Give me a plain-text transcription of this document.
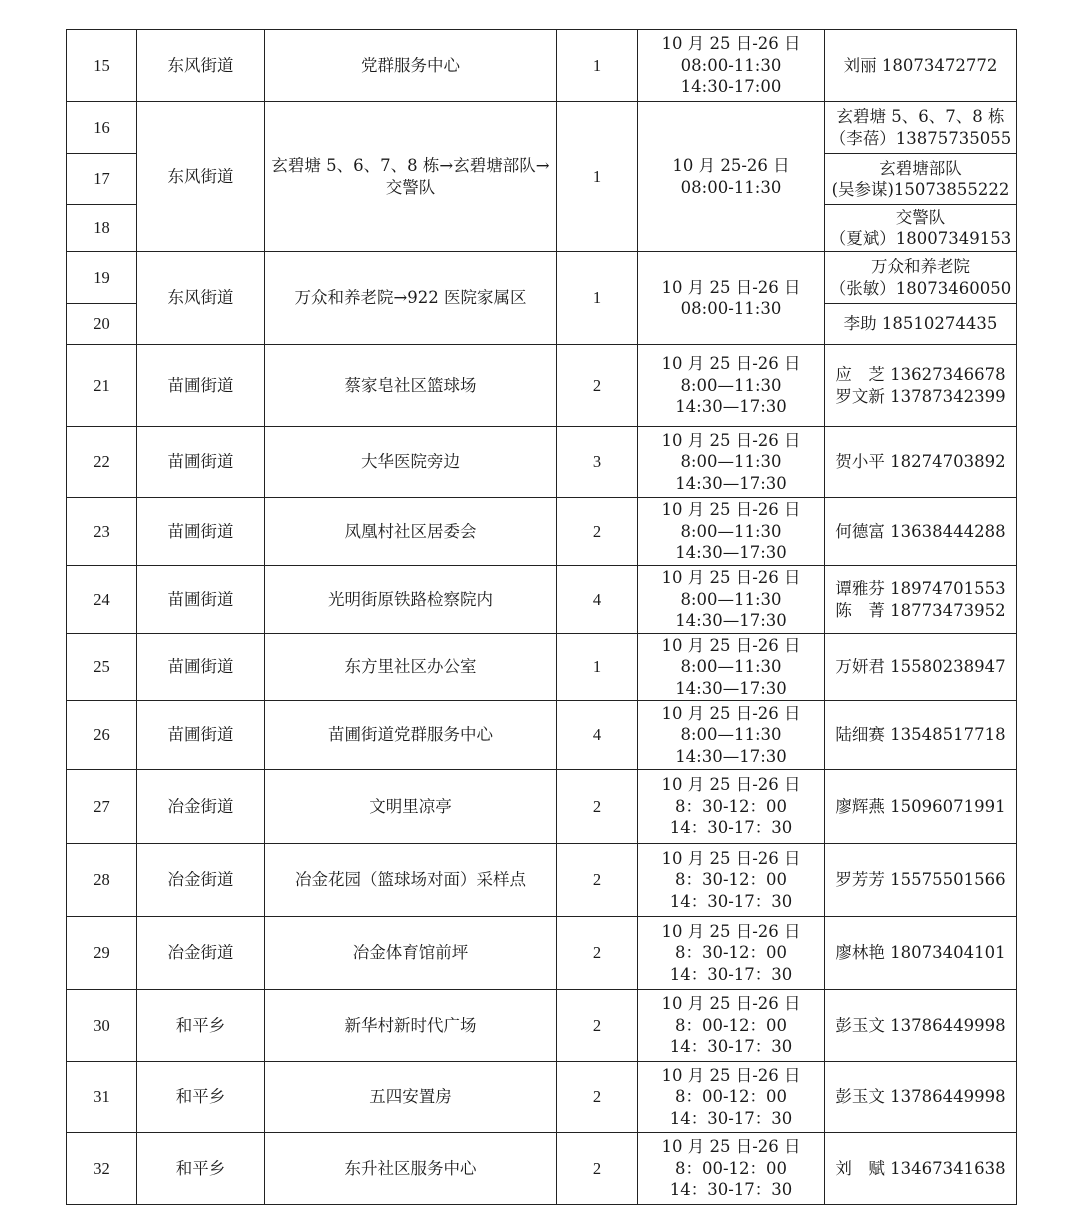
15	东风街道	党群服务中心	1	10 月 25 日-26 日
08:00-11:30
14:30-17:00	刘丽 18073472772

16	东风街道	玄碧塘 5、6、7、8 栋→玄碧塘部队→交警队	1	10 月 25-26 日
08:00-11:30	玄碧塘 5、6、7、8 栋
（李蓓）13875735055

17					玄碧塘部队
(吴参谋)15073855222

18					交警队
（夏斌）18007349153

19	东风街道	万众和养老院→922 医院家属区	1	10 月 25 日-26 日
08:00-11:30	万众和养老院
（张敏）18073460050

20					李助 18510274435

21	苗圃街道	蔡家皂社区篮球场	2	10 月 25 日-26 日
8:00—11:30
14:30—17:30	应　芝 13627346678
罗文新 13787342399

22	苗圃街道	大华医院旁边	3	10 月 25 日-26 日
8:00—11:30
14:30—17:30	贺小平 18274703892

23	苗圃街道	凤凰村社区居委会	2	10 月 25 日-26 日
8:00—11:30
14:30—17:30	何德富 13638444288

24	苗圃街道	光明街原铁路检察院内	4	10 月 25 日-26 日
8:00—11:30
14:30—17:30	谭雅芬 18974701553
陈　菁 18773473952

25	苗圃街道	东方里社区办公室	1	10 月 25 日-26 日
8:00—11:30
14:30—17:30	万妍君 15580238947

26	苗圃街道	苗圃街道党群服务中心	4	10 月 25 日-26 日
8:00—11:30
14:30—17:30	陆细赛 13548517718

27	冶金街道	文明里凉亭	2	10 月 25 日-26 日
8：30-12：00
14：30-17：30	廖辉燕 15096071991

28	冶金街道	冶金花园（篮球场对面）采样点	2	10 月 25 日-26 日
8：30-12：00
14：30-17：30	罗芳芳 15575501566

29	冶金街道	冶金体育馆前坪	2	10 月 25 日-26 日
8：30-12：00
14：30-17：30	廖林艳 18073404101

30	和平乡	新华村新时代广场	2	10 月 25 日-26 日
8：00-12：00
14：30-17：30	彭玉文 13786449998

31	和平乡	五四安置房	2	10 月 25 日-26 日
8：00-12：00
14：30-17：30	彭玉文 13786449998

32	和平乡	东升社区服务中心	2	10 月 25 日-26 日
8：00-12：00
14：30-17：30	刘　赋 13467341638
